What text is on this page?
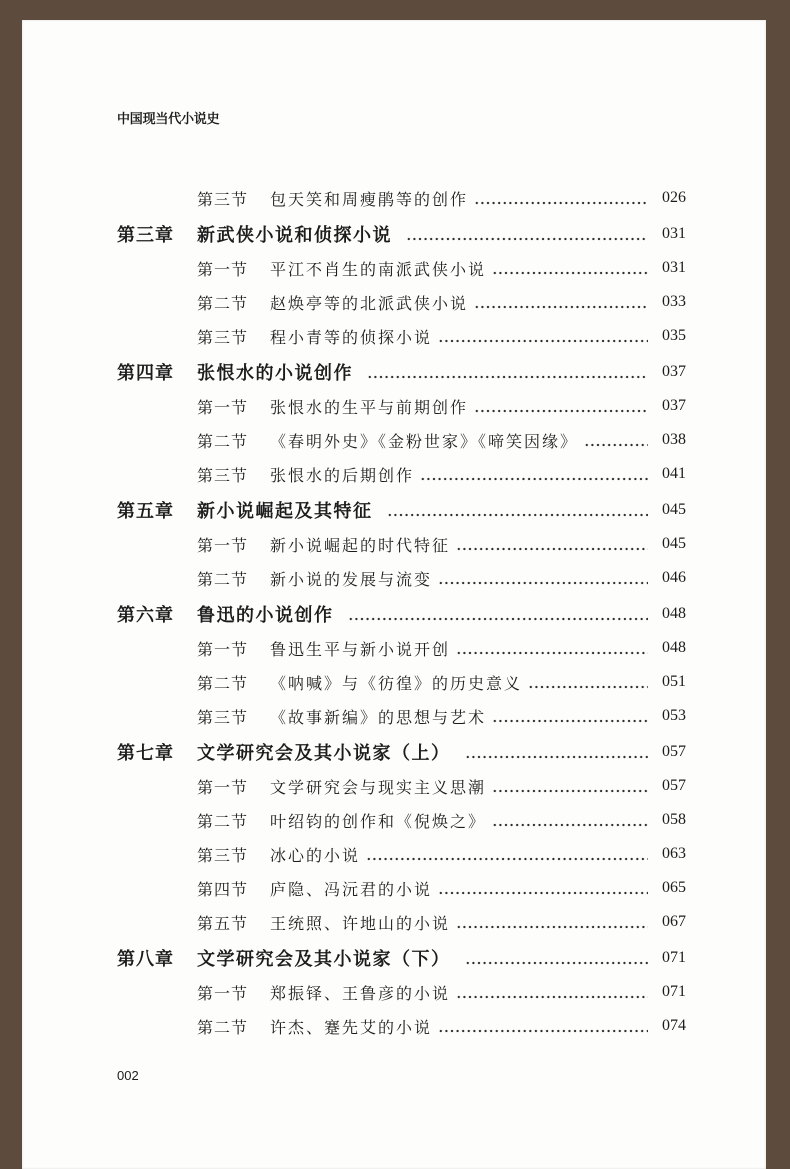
中国现当代小说史
第三节	包天笑和周瘦鹃等的创作	026
第三章	新武侠小说和侦探小说	031
第一节	平江不肖生的南派武侠小说	031
第二节	赵焕亭等的北派武侠小说	033
第三节	程小青等的侦探小说	035
第四章	张恨水的小说创作	037
第一节	张恨水的生平与前期创作	037
第二节	《春明外史》《金粉世家》《啼笑因缘》	038
第三节	张恨水的后期创作	041
第五章	新小说崛起及其特征	045
第一节	新小说崛起的时代特征	045
第二节	新小说的发展与流变	046
第六章	鲁迅的小说创作	048
第一节	鲁迅生平与新小说开创	048
第二节	《呐喊》与《彷徨》的历史意义	051
第三节	《故事新编》的思想与艺术	053
第七章	文学研究会及其小说家（上）	057
第一节	文学研究会与现实主义思潮	057
第二节	叶绍钧的创作和《倪焕之》	058
第三节	冰心的小说	063
第四节	庐隐、冯沅君的小说	065
第五节	王统照、许地山的小说	067
第八章	文学研究会及其小说家（下）	071
第一节	郑振铎、王鲁彦的小说	071
第二节	许杰、蹇先艾的小说	074
002
